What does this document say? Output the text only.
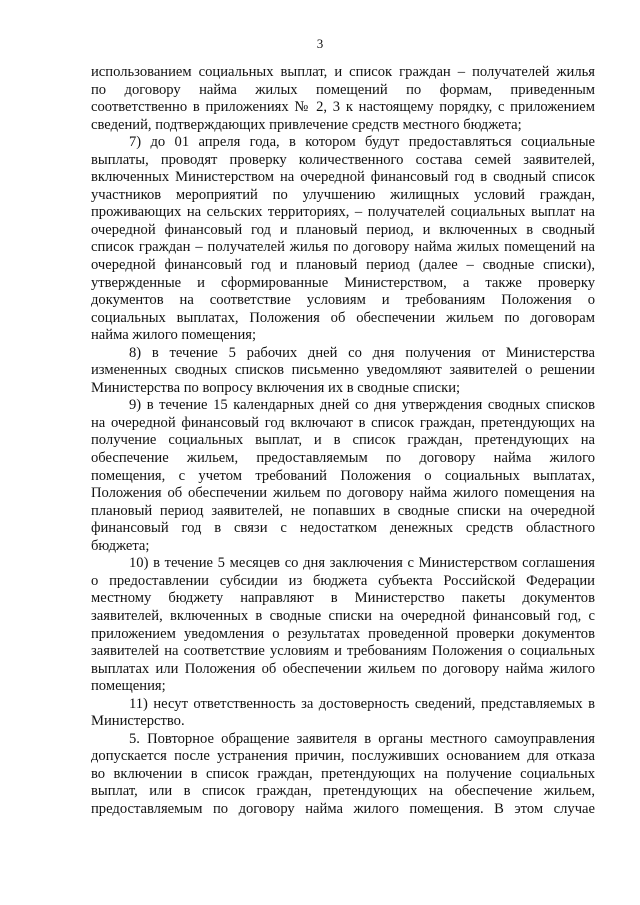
3
использованием социальных выплат, и список граждан – получателей жилья
по договору найма жилых помещений по формам, приведенным
соответственно в приложениях № 2, 3 к настоящему порядку, с приложением
сведений, подтверждающих привлечение средств местного бюджета;
7) до 01 апреля года, в котором будут предоставляться социальные
выплаты, проводят проверку количественного состава семей заявителей,
включенных Министерством на очередной финансовый год в сводный список
участников мероприятий по улучшению жилищных условий граждан,
проживающих на сельских территориях, – получателей социальных выплат на
очередной финансовый год и плановый период, и включенных в сводный
список граждан – получателей жилья по договору найма жилых помещений на
очередной финансовый год и плановый период (далее – сводные списки),
утвержденные и сформированные Министерством, а также проверку
документов на соответствие условиям и требованиям Положения о
социальных выплатах, Положения об обеспечении жильем по договорам
найма жилого помещения;
8) в течение 5 рабочих дней со дня получения от Министерства
измененных сводных списков письменно уведомляют заявителей о решении
Министерства по вопросу включения их в сводные списки;
9) в течение 15 календарных дней со дня утверждения сводных списков
на очередной финансовый год включают в список граждан, претендующих на
получение социальных выплат, и в список граждан, претендующих на
обеспечение жильем, предоставляемым по договору найма жилого
помещения, с учетом требований Положения о социальных выплатах,
Положения об обеспечении жильем по договору найма жилого помещения на
плановый период заявителей, не попавших в сводные списки на очередной
финансовый год в связи с недостатком денежных средств областного
бюджета;
10) в течение 5 месяцев со дня заключения с Министерством соглашения
о предоставлении субсидии из бюджета субъекта Российской Федерации
местному бюджету направляют в Министерство пакеты документов
заявителей, включенных в сводные списки на очередной финансовый год, с
приложением уведомления о результатах проведенной проверки документов
заявителей на соответствие условиям и требованиям Положения о социальных
выплатах или Положения об обеспечении жильем по договору найма жилого
помещения;
11) несут ответственность за достоверность сведений, представляемых в
Министерство.
5. Повторное обращение заявителя в органы местного самоуправления
допускается после устранения причин, послуживших основанием для отказа
во включении в список граждан, претендующих на получение социальных
выплат, или в список граждан, претендующих на обеспечение жильем,
предоставляемым по договору найма жилого помещения. В этом случае
